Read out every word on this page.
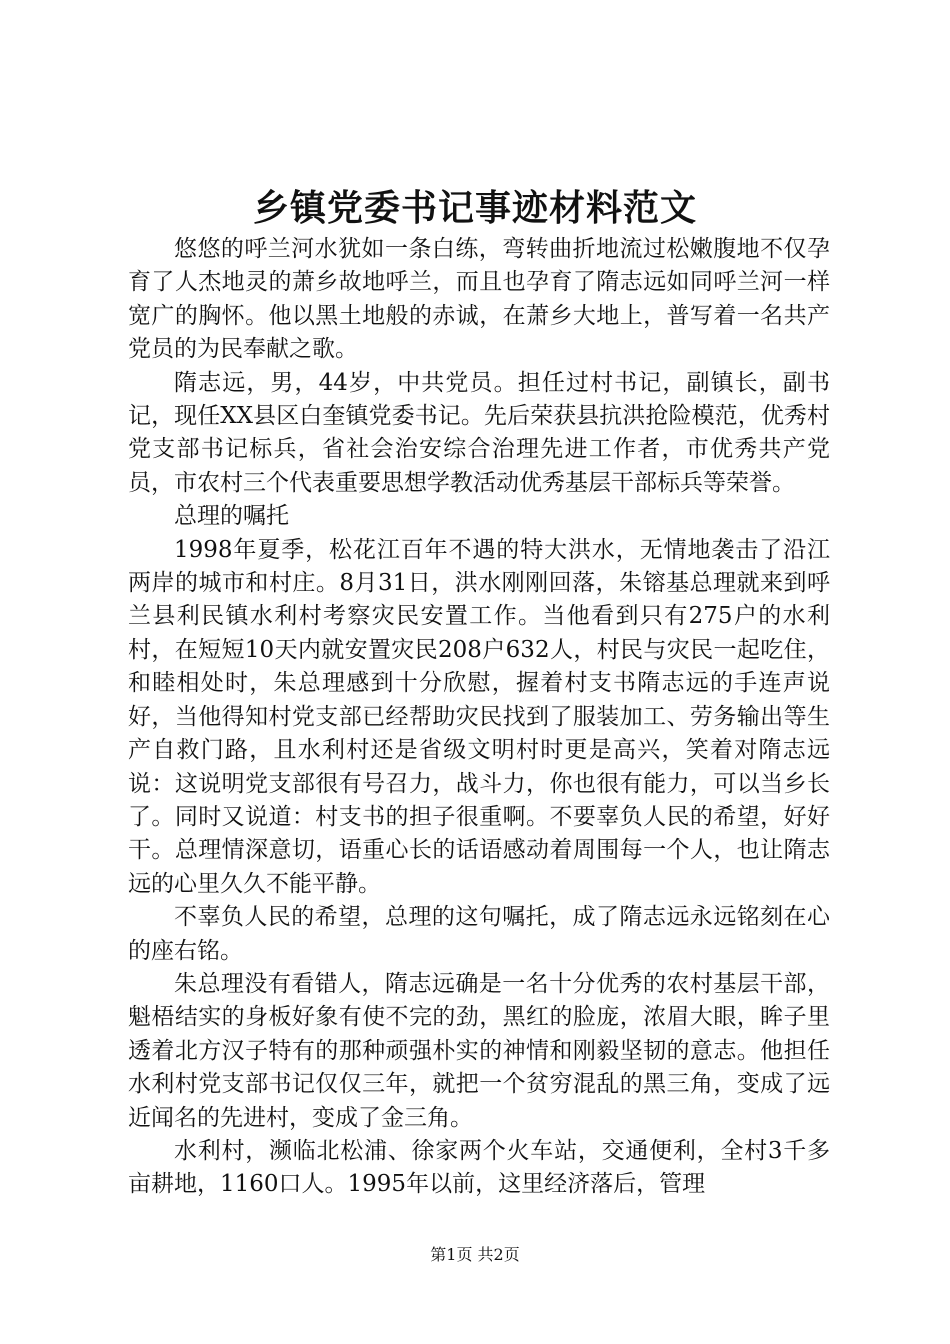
乡镇党委书记事迹材料范文

悠悠的呼兰河水犹如一条白练，弯转曲折地流过松嫩腹地不仅孕育了人杰地灵的萧乡故地呼兰，而且也孕育了隋志远如同呼兰河一样宽广的胸怀。他以黑土地般的赤诚，在萧乡大地上，普写着一名共产党员的为民奉献之歌。

隋志远，男，44岁，中共党员。担任过村书记，副镇长，副书记，现任XX县区白奎镇党委书记。先后荣获县抗洪抢险模范，优秀村党支部书记标兵，省社会治安综合治理先进工作者，市优秀共产党员，市农村三个代表重要思想学教活动优秀基层干部标兵等荣誉。

总理的嘱托

1998年夏季，松花江百年不遇的特大洪水，无情地袭击了沿江两岸的城市和村庄。8月31日，洪水刚刚回落，朱镕基总理就来到呼兰县利民镇水利村考察灾民安置工作。当他看到只有275户的水利村，在短短10天内就安置灾民208户632人，村民与灾民一起吃住，和睦相处时，朱总理感到十分欣慰，握着村支书隋志远的手连声说好，当他得知村党支部已经帮助灾民找到了服装加工、劳务输出等生产自救门路，且水利村还是省级文明村时更是高兴，笑着对隋志远说：这说明党支部很有号召力，战斗力，你也很有能力，可以当乡长了。同时又说道：村支书的担子很重啊。不要辜负人民的希望，好好干。总理情深意切，语重心长的话语感动着周围每一个人，也让隋志远的心里久久不能平静。

不辜负人民的希望，总理的这句嘱托，成了隋志远永远铭刻在心的座右铭。

朱总理没有看错人，隋志远确是一名十分优秀的农村基层干部，魁梧结实的身板好象有使不完的劲，黑红的脸庞，浓眉大眼，眸子里透着北方汉子特有的那种顽强朴实的神情和刚毅坚韧的意志。他担任水利村党支部书记仅仅三年，就把一个贫穷混乱的黑三角，变成了远近闻名的先进村，变成了金三角。

水利村，濒临北松浦、徐家两个火车站，交通便利，全村3千多亩耕地，1160口人。1995年以前，这里经济落后，管理

第1页 共2页
